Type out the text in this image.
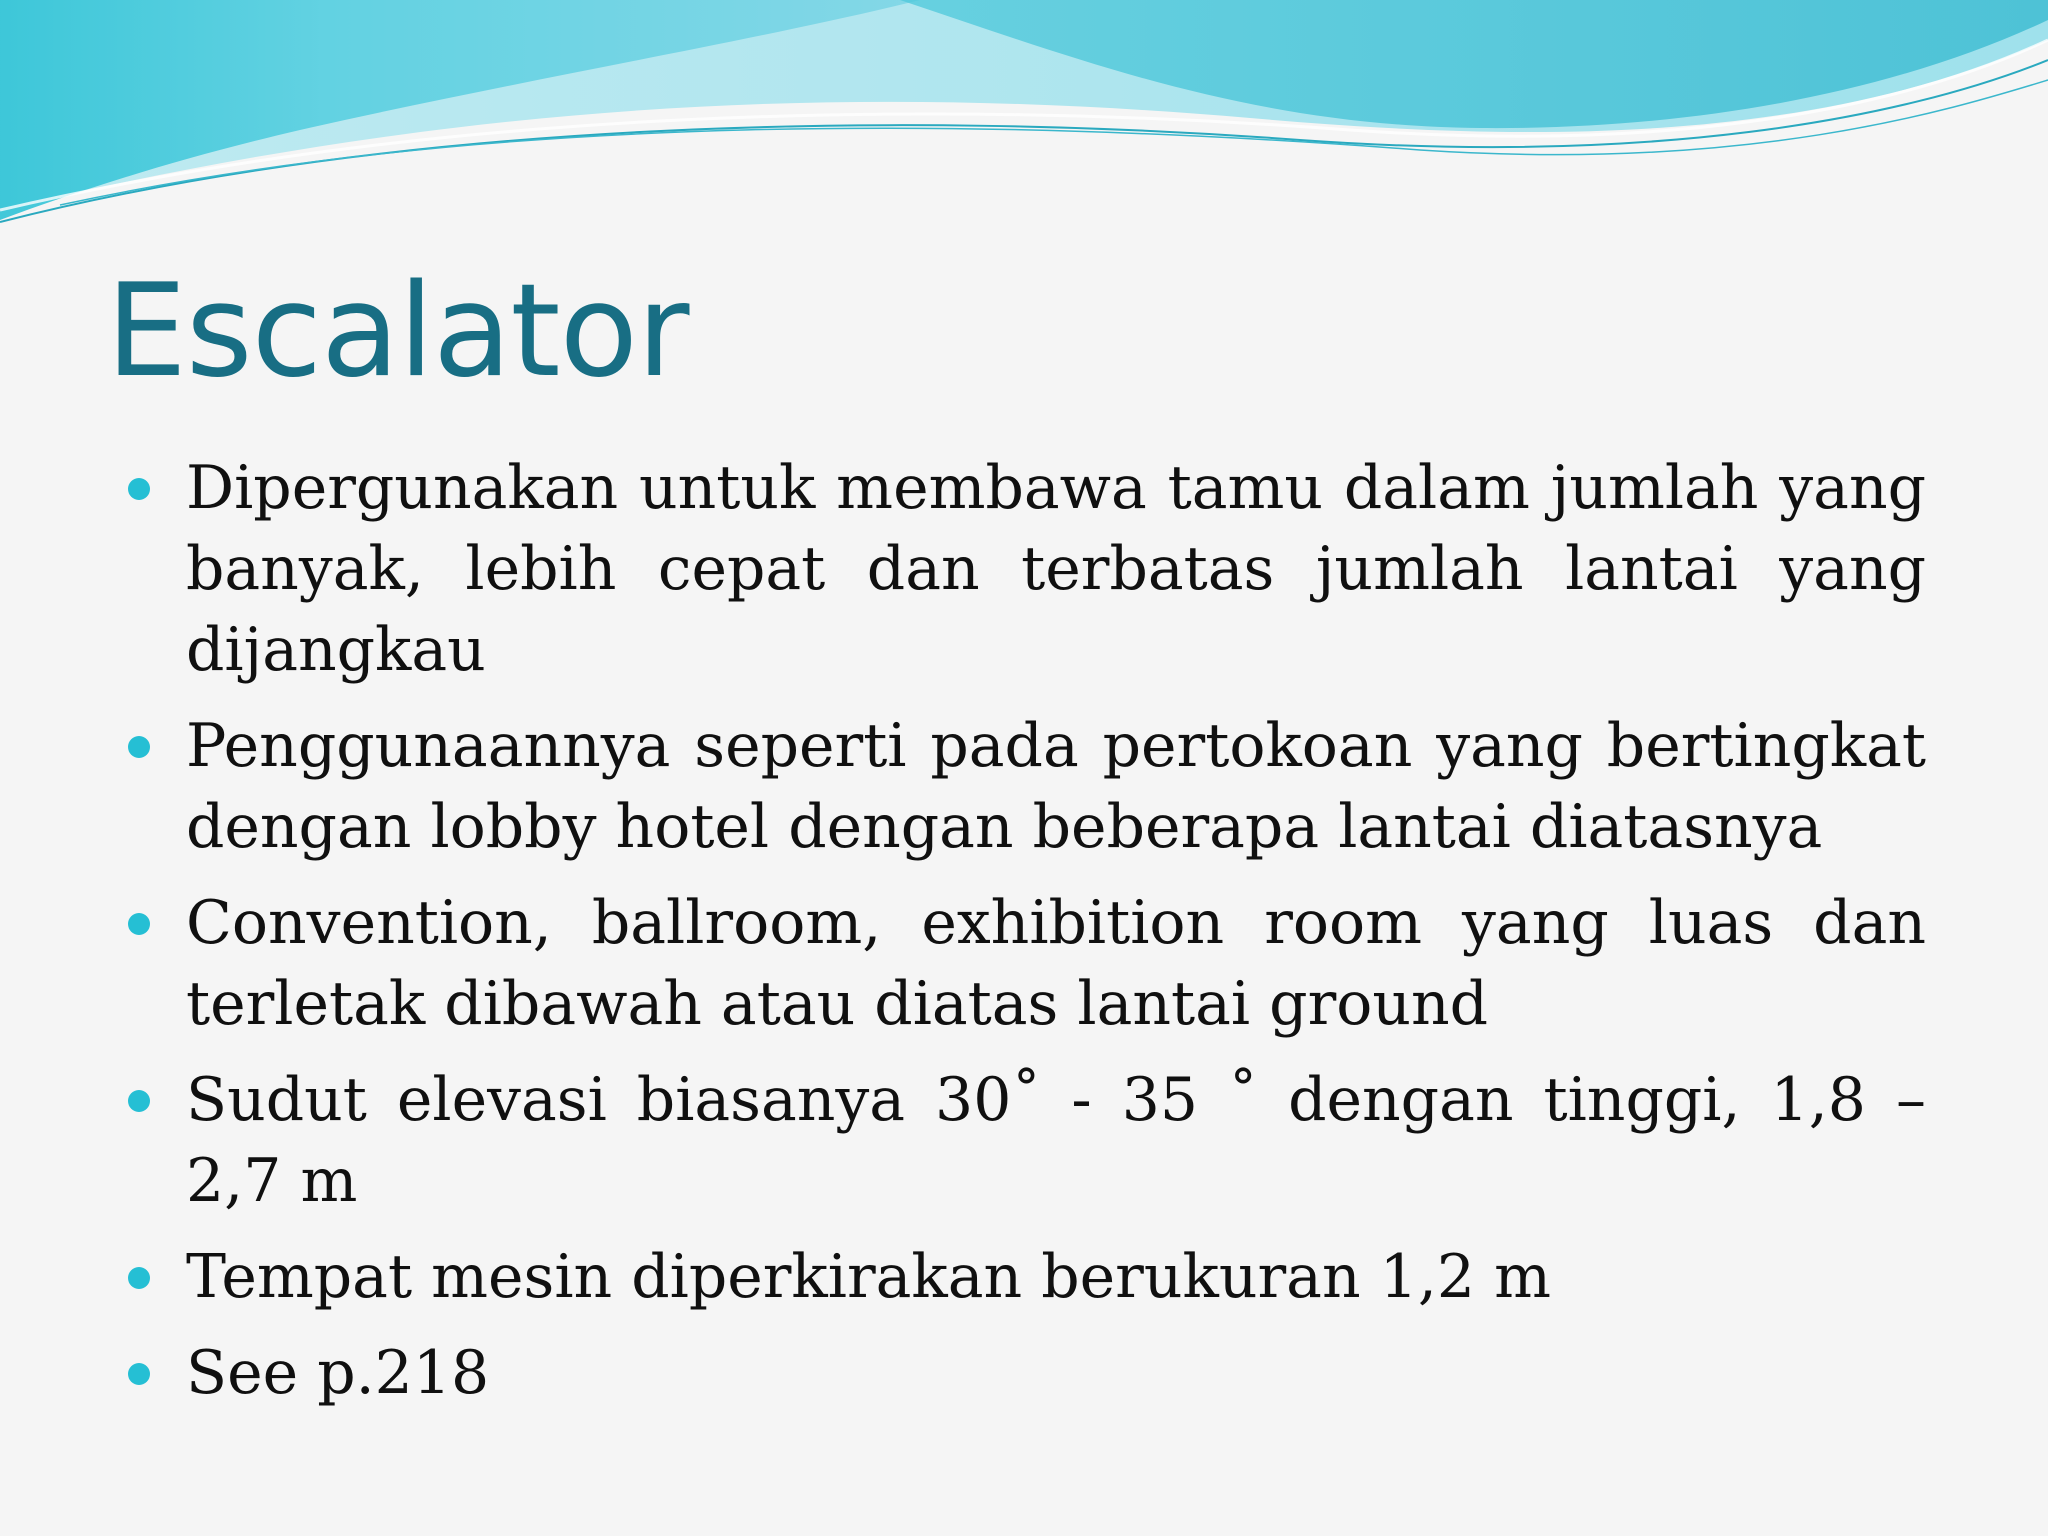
Escalator
Dipergunakan untuk membawa tamu dalam jumlah yang banyak, lebih cepat dan terbatas jumlah lantai yang dijangkau
Penggunaannya seperti pada pertokoan yang bertingkat dengan lobby hotel dengan beberapa lantai diatasnya
Convention, ballroom, exhibition room yang luas dan terletak dibawah atau diatas lantai ground
Sudut elevasi biasanya 30˚ - 35 ˚ dengan tinggi, 1,8 – 2,7 m
Tempat mesin diperkirakan berukuran 1,2 m
See p.218
